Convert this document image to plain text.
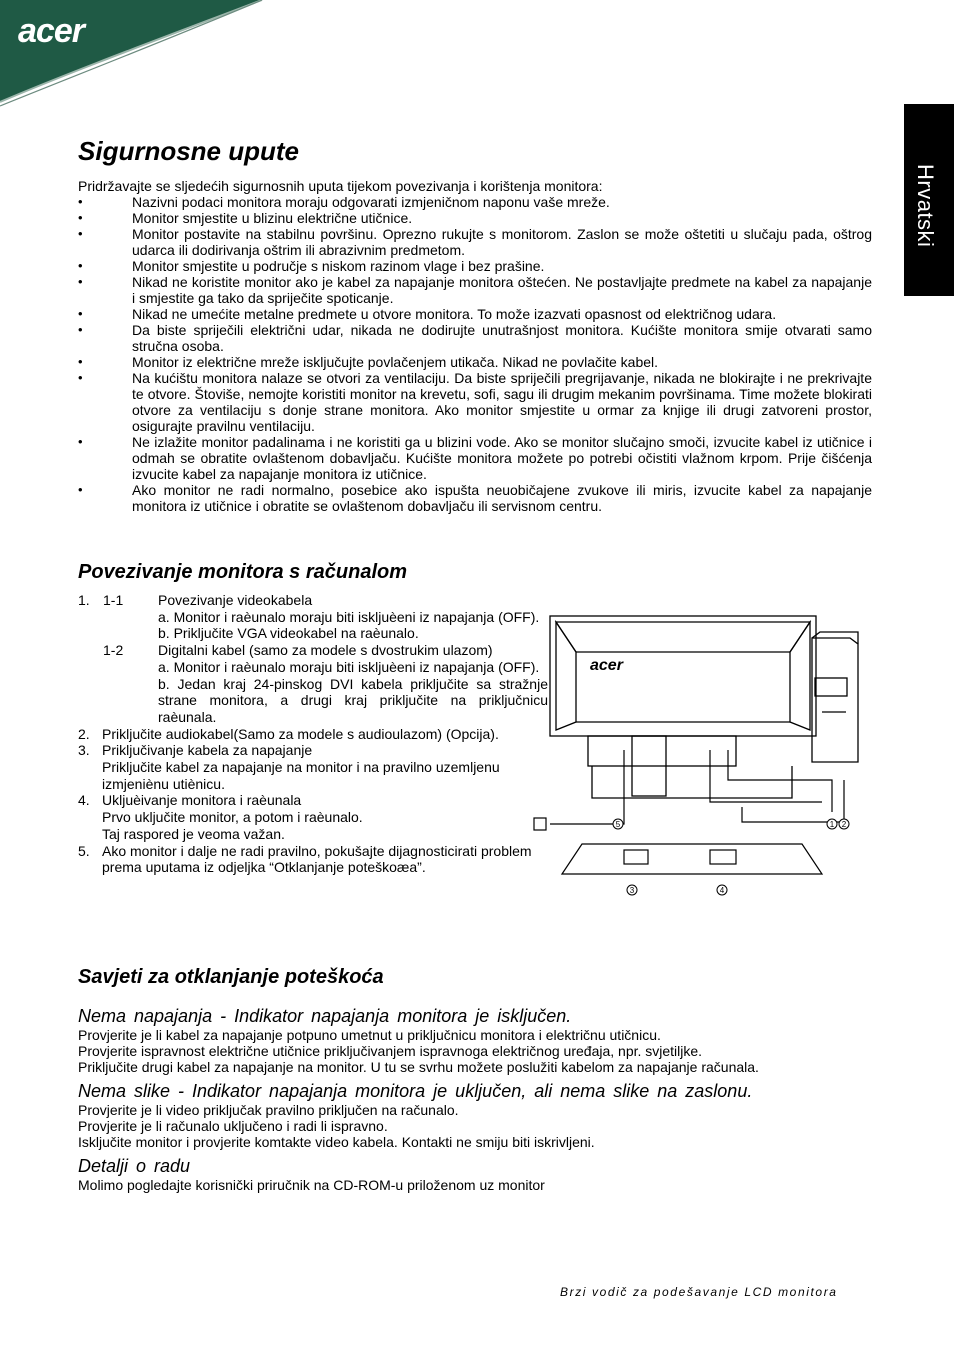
acer
Hrvatski
Sigurnosne upute
Pridržavajte se sljedećih sigurnosnih uputa tijekom povezivanja i korištenja monitora:
• Nazivni podaci monitora moraju odgovarati izmjeničnom naponu vaše mreže.
• Monitor smjestite u blizinu električne utičnice.
• Monitor postavite na stabilnu površinu. Oprezno rukujte s monitorom. Zaslon se može oštetiti u slučaju pada, oštrog udarca ili dodirivanja oštrim ili abrazivnim predmetom.
• Monitor smjestite u područje s niskom razinom vlage i bez prašine.
• Nikad ne koristite monitor ako je kabel za napajanje monitora oštećen. Ne postavljajte predmete na kabel za napajanje i smjestite ga tako da spriječite spoticanje.
• Nikad ne umećite metalne predmete u otvore monitora. To može izazvati opasnost od električnog udara.
• Da biste spriječili električni udar, nikada ne dodirujte unutrašnjost monitora. Kućište monitora smije otvarati samo stručna osoba.
• Monitor iz električne mreže isključujte povlačenjem utikača. Nikad ne povlačite kabel.
• Na kućištu monitora nalaze se otvori za ventilaciju. Da biste spriječili pregrijavanje, nikada ne blokirajte i ne prekrivajte te otvore. Štoviše, nemojte koristiti monitor na krevetu, sofi, sagu ili drugim mekanim površinama. Time možete blokirati otvore za ventilaciju s donje strane monitora. Ako monitor smjestite u ormar za knjige ili drugi zatvoreni prostor, osigurajte pravilnu ventilaciju.
• Ne izlažite monitor padalinama i ne koristiti ga u blizini vode. Ako se monitor slučajno smoči, izvucite kabel iz utičnice i odmah se obratite ovlaštenom dobavljaču. Kućište monitora možete po potrebi očistiti vlažnom krpom. Prije čišćenja izvucite kabel za napajanje monitora iz utičnice.
• Ako monitor ne radi normalno, posebice ako ispušta neuobičajene zvukove ili miris, izvucite kabel za napajanje monitora iz utičnice i obratite se ovlaštenom dobavljaču ili servisnom centru.
Povezivanje monitora s računalom
1. 1-1	Povezivanje videokabela
a. Monitor i raèunalo moraju biti iskljuèeni iz napajanja (OFF).
b. Priključite VGA videokabel na raèunalo.
1-2	Digitalni kabel (samo za modele s dvostrukim ulazom)
a. Monitor i raèunalo moraju biti iskljuèeni iz napajanja (OFF).
b. Jedan kraj 24-pinskog DVI kabela priključite sa stražnje strane monitora, a drugi kraj priključite na priključnicu raèunala.
2. Priključite audiokabel(Samo za modele s audioulazom) (Opcija).
3. Priključivanje kabela za napajanje
Priključite kabel za napajanje na monitor i na pravilno uzemljenu izmjeniènu utiènicu.
4. Ukljuèivanje monitora i raèunala
Prvo uključite monitor, a potom i raèunalo.
Taj raspored je veoma važan.
5. Ako monitor i dalje ne radi pravilno, pokušajte dijagnosticirati problem prema uputama iz odjeljka “Otklanjanje poteškoæa”.
acer
1 2
3	4
5
Savjeti za otklanjanje poteškoća
Nema napajanja - Indikator napajanja monitora je isključen.
Provjerite je li kabel za napajanje potpuno umetnut u priključnicu monitora i električnu utičnicu.
Provjerite ispravnost električne utičnice priključivanjem ispravnoga električnog uređaja, npr. svjetiljke.
Priključite drugi kabel za napajanje na monitor. U tu se svrhu možete poslužiti kabelom za napajanje računala.
Nema slike - Indikator napajanja monitora je uključen, ali nema slike na zaslonu.
Provjerite je li video priključak pravilno priključen na računalo.
Provjerite je li računalo uključeno i radi li ispravno.
Isključite monitor i provjerite komtakte video kabela. Kontakti ne smiju biti iskrivljeni.
Detalji o radu
Molimo pogledajte korisnički priručnik na CD-ROM-u priloženom uz monitor
Brzi vodič za podešavanje LCD monitora
